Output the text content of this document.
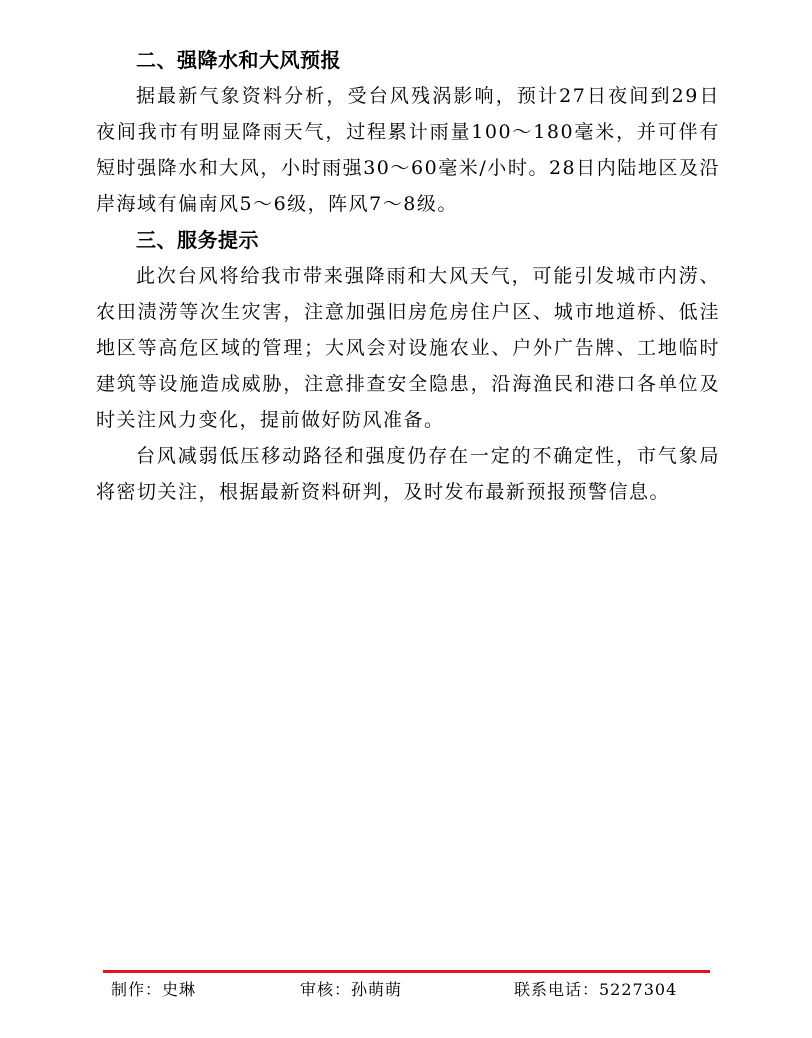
二、强降水和大风预报

据最新气象资料分析，受台风残涡影响，预计27日夜间到29日夜间我市有明显降雨天气，过程累计雨量100～180毫米，并可伴有短时强降水和大风，小时雨强30～60毫米/小时。28日内陆地区及沿岸海域有偏南风5～6级，阵风7～8级。

三、服务提示

此次台风将给我市带来强降雨和大风天气，可能引发城市内涝、农田渍涝等次生灾害，注意加强旧房危房住户区、城市地道桥、低洼地区等高危区域的管理；大风会对设施农业、户外广告牌、工地临时建筑等设施造成威胁，注意排查安全隐患，沿海渔民和港口各单位及时关注风力变化，提前做好防风准备。

台风减弱低压移动路径和强度仍存在一定的不确定性，市气象局将密切关注，根据最新资料研判，及时发布最新预报预警信息。

制作：史琳	审核：孙萌萌	联系电话：5227304
